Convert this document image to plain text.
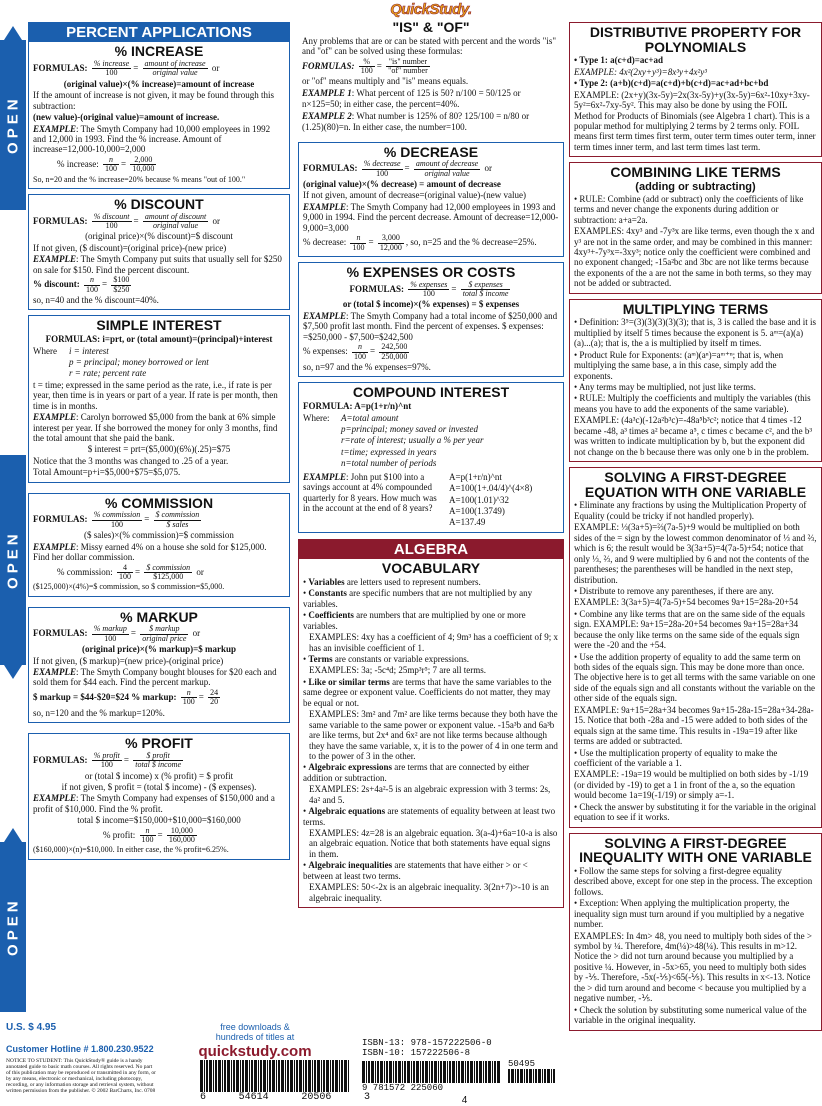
OPEN
OPEN
OPEN
PERCENT APPLICATIONS
% INCREASE

FORMULAS: $\frac{\text{\% increase}}{100} = \frac{\text{amount of increase}}{\text{original value}}$ or

(original value)×(% increase)=amount of increase

If the amount of increase is not given, it may be found through this subtraction:

(new value)-(original value)=amount of increase.

EXAMPLE: The Smyth Company had 10,000 employees in 1992 and 12,000 in 1993. Find the % increase. Amount of increase=12,000-10,000=2,000

% increase: $\frac{n}{100} = \frac{2,000}{10,000}$

So, n=20 and the % increase=20% because % means "out of 100."

% DISCOUNT

FORMULAS: $\frac{\text{\% discount}}{100} = \frac{\text{amount of discount}}{\text{original value}}$ or

(original price)×(% discount)=$ discount

If not given, ($ discount)=(original price)-(new price)

EXAMPLE: The Smyth Company put suits that usually sell for $250 on sale for $150. Find the percent discount.

% discount: $\frac{n}{100} = \frac{\$100}{\$250}$

so, n=40 and the % discount=40%.

SIMPLE INTEREST

FORMULAS: i=prt, or (total amount)=(principal)+interest

Where	i = interest

p = principal; money borrowed or lent

r = rate; percent rate

t = time; expressed in the same period as the rate, i.e., if rate is per year, then time is in years or part of a year. If rate is per month, then time is in months.

EXAMPLE: Carolyn borrowed $5,000 from the bank at 6% simple interest per year. If she borrowed the money for only 3 months, find the total amount that she paid the bank.

$ interest = prt=($5,000)(6%)(.25)=$75

Notice that the 3 months was changed to .25 of a year.

Total Amount=p+i=$5,000+$75=$5,075.

% COMMISSION

FORMULAS: $\frac{\text{\% commission}}{100} = \frac{\text{\$ commission}}{\text{\$ sales}}$

($ sales)×(% commission)=$ commission

EXAMPLE: Missy earned 4% on a house she sold for $125,000. Find her dollar commission.

% commission: $\frac{4}{100} = \frac{\text{\$ commission}}{\$125,000}$ or

($125,000)×(4%)=$ commission, so $ commission=$5,000.

% MARKUP

FORMULAS: $\frac{\text{\% markup}}{100} = \frac{\text{\$ markup}}{\text{original price}}$ or

(original price)×(% markup)=$ markup

If not given, ($ markup)=(new price)-(original price)

EXAMPLE: The Smyth Company bought blouses for $20 each and sold them for $44 each. Find the percent markup.

$ markup = $44-$20=$24 % markup: $\frac{n}{100} = \frac{24}{20}$

so, n=120 and the % markup=120%.

% PROFIT

FORMULAS: $\frac{\text{\% profit}}{100} = \frac{\text{\$ profit}}{\text{total \$ income}}$

or (total $ income) x (% profit) = $ profit

if not given, $ profit = (total $ income) - ($ expenses).

EXAMPLE: The Smyth Company had expenses of $150,000 and a profit of $10,000. Find the % profit.

total $ income=$150,000+$10,000=$160,000

% profit: $\frac{n}{100} = \frac{10,000}{160,000}$

($160,000)×(n)=$10,000. In either case, the % profit=6.25%.

QuickStudy.
"IS" & "OF"

Any problems that are or can be stated with percent and the words "is" and "of" can be solved using these formulas:

FORMULAS: $\frac{\%}{100} = \frac{\text{"is" number}}{\text{"of" number}}$

or "of" means multiply and "is" means equals.

EXAMPLE 1: What percent of 125 is 50? n/100 = 50/125 or

n×125=50; in either case, the percent=40%.

EXAMPLE 2: What number is 125% of 80? 125/100 = n/80 or

(1.25)(80)=n. In either case, the number=100.

% DECREASE

FORMULAS: $\frac{\text{\% decrease}}{100} = \frac{\text{amount of decrease}}{\text{original value}}$ or

(original value)×(% decrease) = amount of decrease

If not given, amount of decrease=(original value)-(new value)

EXAMPLE: The Smyth Company had 12,000 employees in 1993 and 9,000 in 1994. Find the percent decrease. Amount of decrease=12,000-9,000=3,000

% decrease: $\frac{n}{100} = \frac{3,000}{12,000}$ , so, n=25 and the % decrease=25%.

% EXPENSES OR COSTS

FORMULAS: $\frac{\text{\% expenses}}{100} = \frac{\text{\$ expenses}}{\text{total \$ income}}$

or (total $ income)×(% expenses) = $ expenses

EXAMPLE: The Smyth Company had a total income of $250,000 and $7,500 profit last month. Find the percent of expenses. $ expenses: =$250,000 - $7,500=$242,500

% expenses: $\frac{n}{100} = \frac{242,500}{250,000}$

so, n=97 and the % expenses=97%.

COMPOUND INTEREST

FORMULA: A=p(1+r/n)^nt

Where:	A=total amount

p=principal; money saved or invested

r=rate of interest; usually a % per year

t=time; expressed in years

n=total number of periods

EXAMPLE: John put $100 into a savings account at 4% compounded quarterly for 8 years. How much was in the account at the end of 8 years?

A=p(1+r/n)^nt

A=100(1+.04/4)^(4×8)

A=100(1.01)^32

A=100(1.3749)

A=137.49

ALGEBRA
VOCABULARY

• Variables are letters used to represent numbers.

• Constants are specific numbers that are not multiplied by any variables.

• Coefficients are numbers that are multiplied by one or more variables.

EXAMPLES: 4xy has a coefficient of 4; 9m³ has a coefficient of 9; x has an invisible coefficient of 1.

• Terms are constants or variable expressions.

EXAMPLES: 3a; -5c⁴d; 25mp³r⁵; 7 are all terms.

• Like or similar terms are terms that have the same variables to the same degree or exponent value. Coefficients do not matter, they may be equal or not.

EXAMPLES: 3m² and 7m² are like terms because they both have the same variable to the same power or exponent value. -15a³b and 6a³b are like terms, but 2x⁴ and 6x² are not like terms because although they have the same variable, x, it is to the power of 4 in one term and to the power of 3 in the other.

• Algebraic expressions are terms that are connected by either addition or subtraction.

EXAMPLES: 2s+4a²-5 is an algebraic expression with 3 terms: 2s, 4a² and 5.

• Algebraic equations are statements of equality between at least two terms.

EXAMPLES: 4z=28 is an algebraic equation. 3(a-4)+6a=10-a is also an algebraic equation. Notice that both statements have equal signs in them.

• Algebraic inequalities are statements that have either > or < between at least two terms.

EXAMPLES: 50<-2x is an algebraic inequality. 3(2n+7)>-10 is an algebraic inequality.

DISTRIBUTIVE PROPERTY FOR POLYNOMIALS

• Type 1: a(c+d)=ac+ad

EXAMPLE: 4x²(2xy+y³)=8x³y+4x²y³

• Type 2: (a+b)(c+d)=a(c+d)+b(c+d)=ac+ad+bc+bd

EXAMPLE: (2x+y)(3x-5y)=2x(3x-5y)+y(3x-5y)=6x²-10xy+3xy-5y²=6x²-7xy-5y². This may also be done by using the FOIL Method for Products of Binomials (see Algebra 1 chart). This is a popular method for multiplying 2 terms by 2 terms only. FOIL means first term times first term, outer term times outer term, inner term times inner term, and last term times last term.

COMBINING LIKE TERMS
(adding or subtracting)

• RULE: Combine (add or subtract) only the coefficients of like terms and never change the exponents during addition or subtraction: a+a=2a.

EXAMPLES: 4xy³ and -7y³x are like terms, even though the x and y³ are not in the same order, and may be combined in this manner: 4xy³+-7y³x=-3xy³; notice only the coefficient were combined and no exponent changed; -15a²bc and 3bc are not like terms because the exponents of the a are not the same in both terms, so they may not be added or subtracted.

MULTIPLYING TERMS

• Definition: 3⁵=(3)(3)(3)(3)(3); that is, 3 is called the base and it is multiplied by itself 5 times because the exponent is 5. aᵐ=(a)(a)(a)...(a); that is, the a is multiplied by itself m times.

• Product Rule for Exponents: (aᵐ)(aⁿ)=aᵐ⁺ⁿ; that is, when multiplying the same base, a in this case, simply add the exponents.

• Any terms may be multiplied, not just like terms.

• RULE: Multiply the coefficients and multiply the variables (this means you have to add the exponents of the same variable).

EXAMPLE: (4a³c)(-12a²b³c)=-48a⁵b³c²; notice that 4 times -12 became -48, a³ times a² became a⁵, c times c became c², and the b³ was written to indicate multiplication by b, but the exponent did not change on the b because there was only one b in the problem.

SOLVING A FIRST-DEGREE EQUATION WITH ONE VARIABLE

• Eliminate any fractions by using the Multiplication Property of Equality (could be tricky if not handled properly).

EXAMPLE: ⅓(3a+5)=⅔(7a-5)+9 would be multiplied on both sides of the = sign by the lowest common denominator of ⅓ and ⅔, which is 6; the result would be 3(3a+5)=4(7a-5)+54; notice that only ⅓, ⅔, and 9 were multiplied by 6 and not the contents of the parentheses; the parentheses will be handled in the next step, distribution.

• Distribute to remove any parentheses, if there are any.

EXAMPLE: 3(3a+5)=4(7a-5)+54 becomes 9a+15=28a-20+54

• Combine any like terms that are on the same side of the equals sign. EXAMPLE: 9a+15=28a-20+54 becomes 9a+15=28a+34 because the only like terms on the same side of the equals sign were the -20 and the +54.

• Use the addition property of equality to add the same term on both sides of the equals sign. This may be done more than once. The objective here is to get all terms with the same variable on one side of the equals sign and all constants without the variable on the other side of the equals sign.

EXAMPLE: 9a+15=28a+34 becomes 9a+15-28a-15=28a+34-28a-15. Notice that both -28a and -15 were added to both sides of the equals sign at the same time. This results in -19a=19 after like terms are added or subtracted.

• Use the multiplication property of equality to make the coefficient of the variable a 1.

EXAMPLE: -19a=19 would be multiplied on both sides by -1/19 (or divided by -19) to get a 1 in front of the a, so the equation would become 1a=19(-1/19) or simply a=-1.

• Check the answer by substituting it for the variable in the original equation to see if it works.

SOLVING A FIRST-DEGREE INEQUALITY WITH ONE VARIABLE

• Follow the same steps for solving a first-degree equality described above, except for one step in the process. The exception follows.

• Exception: When applying the multiplication property, the inequality sign must turn around if you multiplied by a negative number.

EXAMPLES: In 4m> 48, you need to multiply both sides of the > symbol by ¼. Therefore, 4m(¼)>48(¼). This results in m>12. Notice the > did not turn around because you multiplied by a positive ¼. However, in -5x>65, you need to multiply both sides by -⅕. Therefore, -5x(-⅕)<65(-⅕). This results in x<-13. Notice the > did turn around and become < because you multiplied by a negative number, -⅕.

• Check the solution by substituting some numerical value of the variable in the original inequality.

U.S. $ 4.95
Customer Hotline # 1.800.230.9522

NOTICE TO STUDENT: This QuickStudy® guide is a handy annotated guide to basic math courses. All rights reserved. No part of this publication may be reproduced or transmitted in any form, or by any means, electronic or mechanical, including photocopy, recording, or any information storage and retrieval system, without written permission from the publisher. © 2002 BarCharts, Inc. 0708

free downloads &
hundreds of titles at
quickstudy.com
6	54614	20506	3
ISBN-13: 978-157222506-0
ISBN-10: 157222506-8
50495
9 781572 225060
4
